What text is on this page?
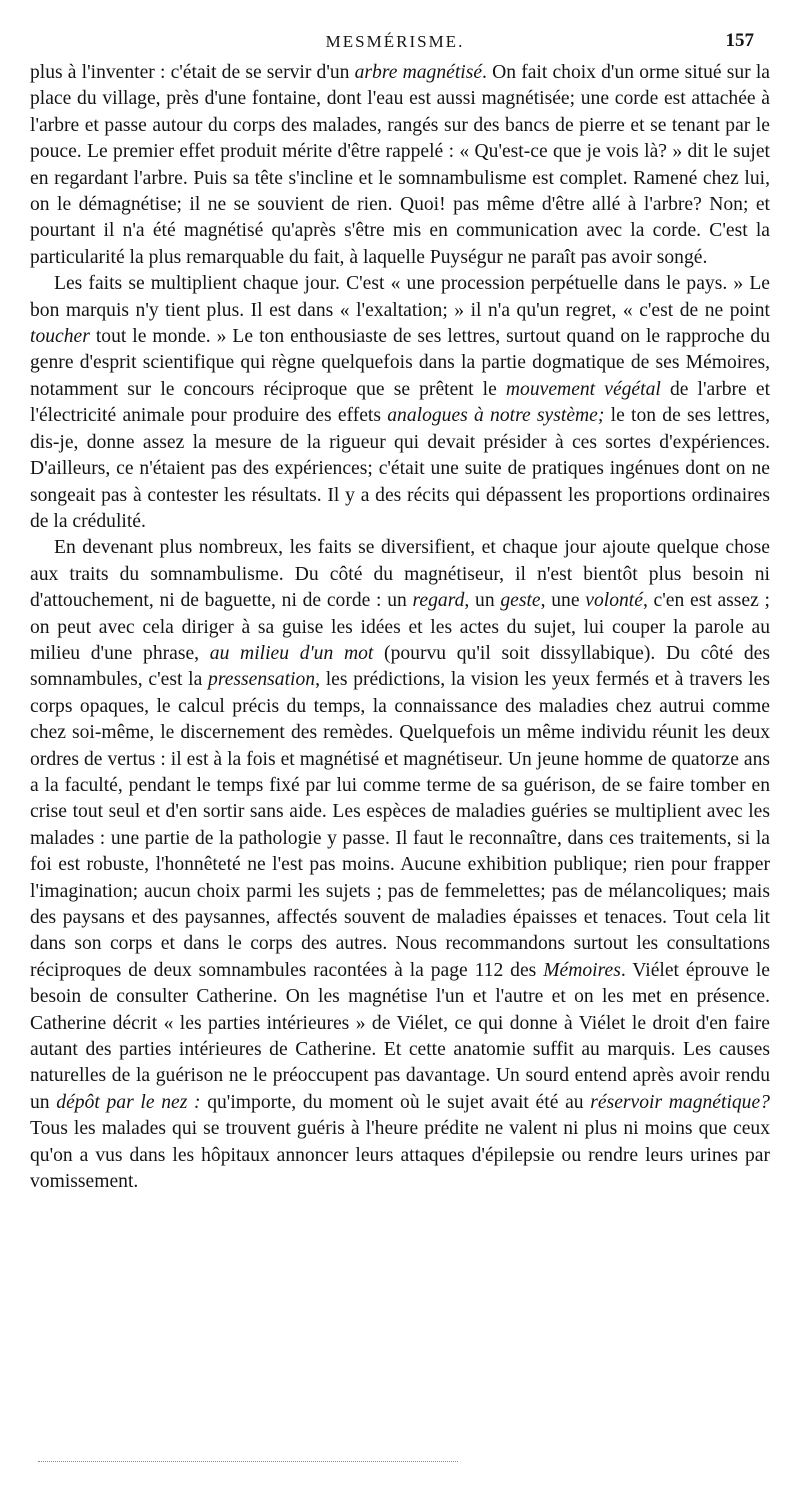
MESMÉRISME.	157

plus à l'inventer : c'était de se servir d'un arbre magnétisé. On fait choix d'un orme situé sur la place du village, près d'une fontaine, dont l'eau est aussi magnétisée; une corde est attachée à l'arbre et passe autour du corps des malades, rangés sur des bancs de pierre et se tenant par le pouce. Le premier effet produit mérite d'être rappelé : « Qu'est-ce que je vois là? » dit le sujet en regardant l'arbre. Puis sa tête s'incline et le somnambulisme est complet. Ramené chez lui, on le démagnétise; il ne se souvient de rien. Quoi! pas même d'être allé à l'arbre? Non; et pourtant il n'a été magnétisé qu'après s'être mis en communication avec la corde. C'est la particularité la plus remarquable du fait, à laquelle Puységur ne paraît pas avoir songé.

Les faits se multiplient chaque jour. C'est « une procession perpétuelle dans le pays. » Le bon marquis n'y tient plus. Il est dans « l'exaltation; » il n'a qu'un regret, « c'est de ne point toucher tout le monde. » Le ton enthousiaste de ses lettres, surtout quand on le rapproche du genre d'esprit scientifique qui règne quelquefois dans la partie dogmatique de ses Mémoires, notamment sur le concours réciproque que se prêtent le mouvement végétal de l'arbre et l'électricité animale pour produire des effets analogues à notre système; le ton de ses lettres, dis-je, donne assez la mesure de la rigueur qui devait présider à ces sortes d'expériences. D'ailleurs, ce n'étaient pas des expériences; c'était une suite de pratiques ingénues dont on ne songeait pas à contester les résultats. Il y a des récits qui dépassent les proportions ordinaires de la crédulité.

En devenant plus nombreux, les faits se diversifient, et chaque jour ajoute quelque chose aux traits du somnambulisme. Du côté du magnétiseur, il n'est bientôt plus besoin ni d'attouchement, ni de baguette, ni de corde : un regard, un geste, une volonté, c'en est assez ; on peut avec cela diriger à sa guise les idées et les actes du sujet, lui couper la parole au milieu d'une phrase, au milieu d'un mot (pourvu qu'il soit dissyllabique). Du côté des somnambules, c'est la pressensation, les prédictions, la vision les yeux fermés et à travers les corps opaques, le calcul précis du temps, la connaissance des maladies chez autrui comme chez soi-même, le discernement des remèdes. Quelquefois un même individu réunit les deux ordres de vertus : il est à la fois et magnétisé et magnétiseur. Un jeune homme de quatorze ans a la faculté, pendant le temps fixé par lui comme terme de sa guérison, de se faire tomber en crise tout seul et d'en sortir sans aide. Les espèces de maladies guéries se multiplient avec les malades : une partie de la pathologie y passe. Il faut le reconnaître, dans ces traitements, si la foi est robuste, l'honnêteté ne l'est pas moins. Aucune exhibition publique; rien pour frapper l'imagination; aucun choix parmi les sujets ; pas de femmelettes; pas de mélancoliques; mais des paysans et des paysannes, affectés souvent de maladies épaisses et tenaces. Tout cela lit dans son corps et dans le corps des autres. Nous recommandons surtout les consultations réciproques de deux somnambules racontées à la page 112 des Mémoires. Viélet éprouve le besoin de consulter Catherine. On les magnétise l'un et l'autre et on les met en présence. Catherine décrit « les parties intérieures » de Viélet, ce qui donne à Viélet le droit d'en faire autant des parties intérieures de Catherine. Et cette anatomie suffit au marquis. Les causes naturelles de la guérison ne le préoccupent pas davantage. Un sourd entend après avoir rendu un dépôt par le nez : qu'importe, du moment où le sujet avait été au réservoir magnétique? Tous les malades qui se trouvent guéris à l'heure prédite ne valent ni plus ni moins que ceux qu'on a vus dans les hôpitaux annoncer leurs attaques d'épilepsie ou rendre leurs urines par vomissement.
